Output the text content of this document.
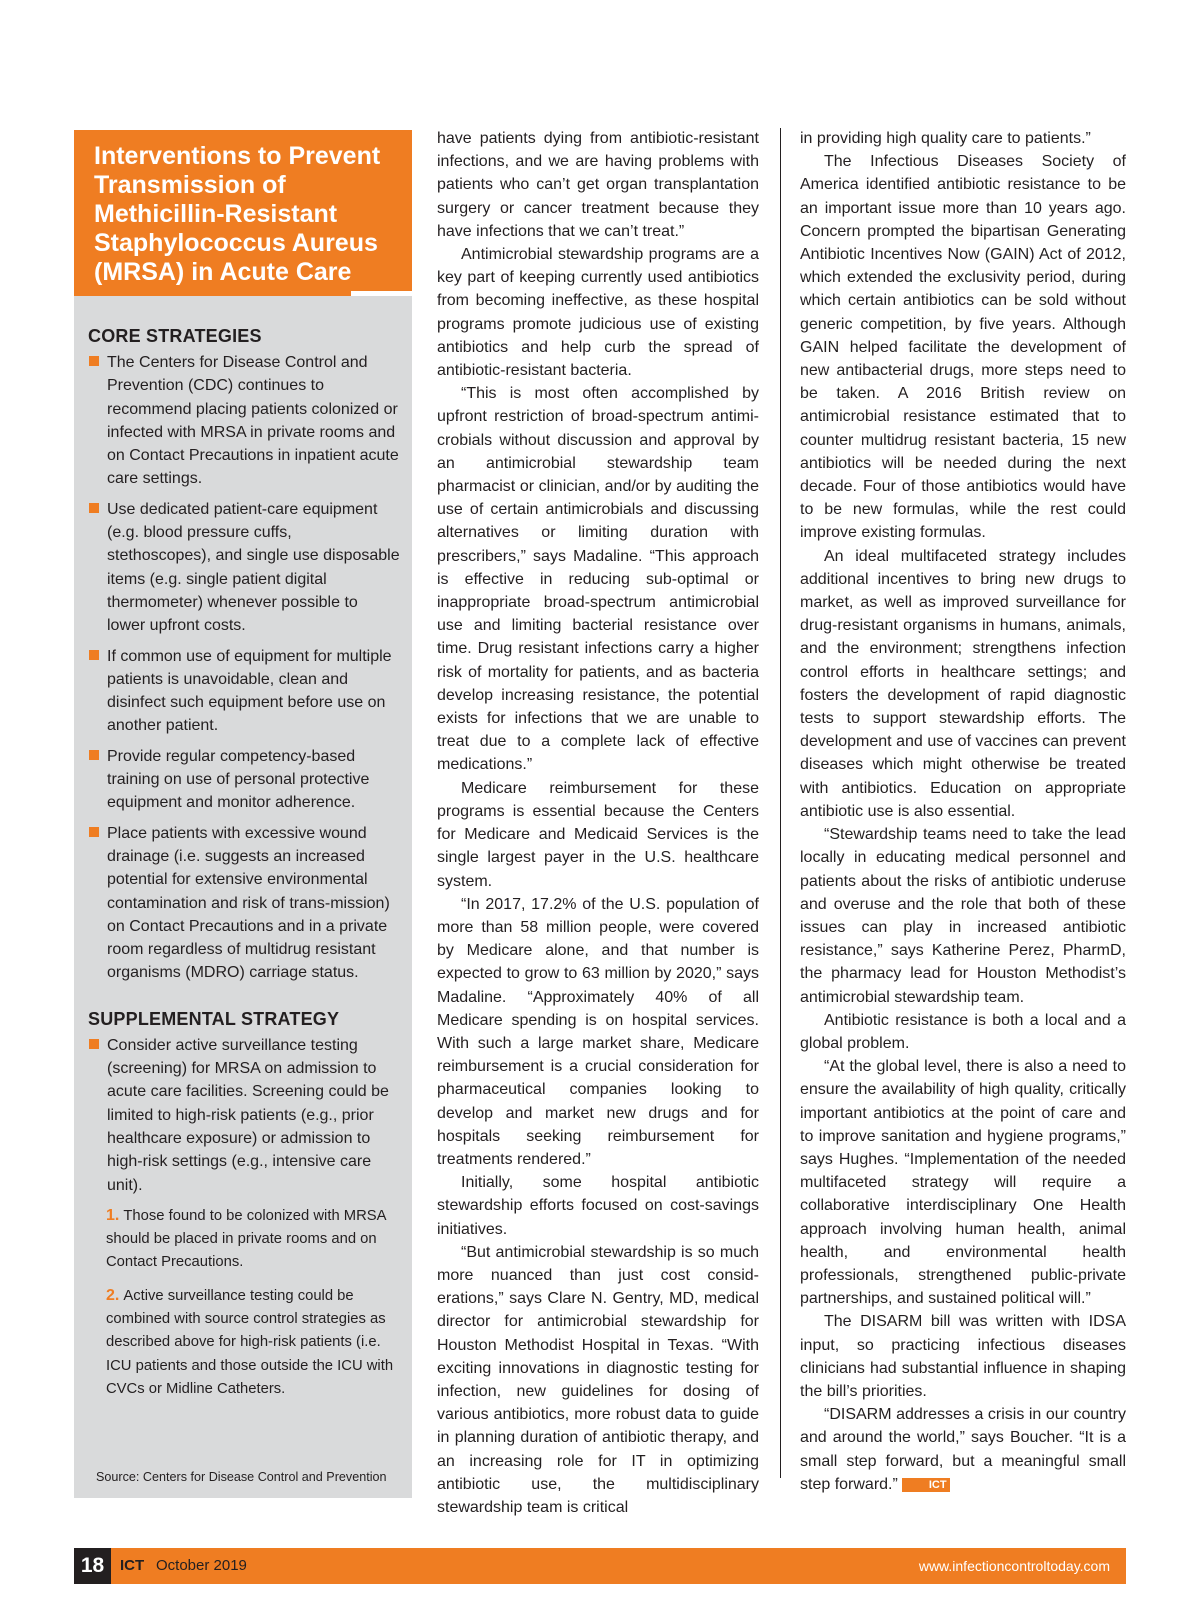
Interventions to Prevent Transmission of Methicillin-Resistant Staphylococcus Aureus (MRSA) in Acute Care
CORE STRATEGIES
The Centers for Disease Control and Prevention (CDC) continues to recommend placing patients colonized or infected with MRSA in private rooms and on Contact Precautions in inpatient acute care settings.
Use dedicated patient-care equipment (e.g. blood pressure cuffs, stethoscopes), and single use disposable items (e.g. single patient digital thermometer) whenever possible to lower upfront costs.
If common use of equipment for multiple patients is unavoidable, clean and disinfect such equipment before use on another patient.
Provide regular competency-based training on use of personal protective equipment and monitor adherence.
Place patients with excessive wound drainage (i.e. suggests an increased potential for extensive environmental contamination and risk of trans-mission) on Contact Precautions and in a private room regardless of multidrug resistant organisms (MDRO) carriage status.
SUPPLEMENTAL STRATEGY
Consider active surveillance testing (screening) for MRSA on admission to acute care facilities. Screening could be limited to high-risk patients (e.g., prior healthcare exposure) or admission to high-risk settings (e.g., intensive care unit).
1. Those found to be colonized with MRSA should be placed in private rooms and on Contact Precautions.
2. Active surveillance testing could be combined with source control strategies as described above for high-risk patients (i.e. ICU patients and those outside the ICU with CVCs or Midline Catheters.
Source: Centers for Disease Control and Prevention

have patients dying from antibiotic-resistant infections, and we are having problems with patients who can’t get organ transplantation surgery or cancer treatment because they have infections that we can’t treat.”

Antimicrobial stewardship programs are a key part of keeping currently used antibiotics from becoming ineffective, as these hospital programs promote judicious use of existing antibiotics and help curb the spread of antibiotic-resistant bacteria.

“This is most often accomplished by upfront restriction of broad-spectrum antimi-crobials without discussion and approval by an antimicrobial stewardship team pharmacist or clinician, and/or by auditing the use of certain antimicrobials and discussing alternatives or limiting duration with prescribers,” says Madaline. “This approach is effective in reducing sub-optimal or inappropriate broad-spectrum antimicrobial use and limiting bacterial resistance over time. Drug resistant infections carry a higher risk of mortality for patients, and as bacteria develop increasing resistance, the potential exists for infections that we are unable to treat due to a complete lack of effective medications.”

Medicare reimbursement for these programs is essential because the Centers for Medicare and Medicaid Services is the single largest payer in the U.S. healthcare system.

“In 2017, 17.2% of the U.S. population of more than 58 million people, were covered by Medicare alone, and that number is expected to grow to 63 million by 2020,” says Madaline. “Approximately 40% of all Medicare spending is on hospital services. With such a large market share, Medicare reimbursement is a crucial consideration for pharmaceutical companies looking to develop and market new drugs and for hospitals seeking reimbursement for treatments rendered.”

Initially, some hospital antibiotic stewardship efforts focused on cost-savings initiatives.

“But antimicrobial stewardship is so much more nuanced than just cost consid-erations,” says Clare N. Gentry, MD, medical director for antimicrobial stewardship for Houston Methodist Hospital in Texas. “With exciting innovations in diagnostic testing for infection, new guidelines for dosing of various antibiotics, more robust data to guide in planning duration of antibiotic therapy, and an increasing role for IT in optimizing antibiotic use, the multidisciplinary stewardship team is critical

in providing high quality care to patients.”

The Infectious Diseases Society of America identified antibiotic resistance to be an important issue more than 10 years ago. Concern prompted the bipartisan Generating Antibiotic Incentives Now (GAIN) Act of 2012, which extended the exclusivity period, during which certain antibiotics can be sold without generic competition, by five years. Although GAIN helped facilitate the development of new antibacterial drugs, more steps need to be taken. A 2016 British review on antimicrobial resistance estimated that to counter multidrug resistant bacteria, 15 new antibiotics will be needed during the next decade. Four of those antibiotics would have to be new formulas, while the rest could improve existing formulas.

An ideal multifaceted strategy includes additional incentives to bring new drugs to market, as well as improved surveillance for drug-resistant organisms in humans, animals, and the environment; strengthens infection control efforts in healthcare settings; and fosters the development of rapid diagnostic tests to support stewardship efforts. The development and use of vaccines can prevent diseases which might otherwise be treated with antibiotics. Education on appropriate antibiotic use is also essential.

“Stewardship teams need to take the lead locally in educating medical personnel and patients about the risks of antibiotic underuse and overuse and the role that both of these issues can play in increased antibiotic resistance,” says Katherine Perez, PharmD, the pharmacy lead for Houston Methodist’s antimicrobial stewardship team.

Antibiotic resistance is both a local and a global problem.

“At the global level, there is also a need to ensure the availability of high quality, critically important antibiotics at the point of care and to improve sanitation and hygiene programs,” says Hughes. “Implementation of the needed multifaceted strategy will require a collaborative interdisciplinary One Health approach involving human health, animal health, and environmental health professionals, strengthened public-private partnerships, and sustained political will.”

The DISARM bill was written with IDSA input, so practicing infectious diseases clinicians had substantial influence in shaping the bill’s priorities.

“DISARM addresses a crisis in our country and around the world,” says Boucher. “It is a small step forward, but a meaningful small step forward.”	ICT

18	ICT October 2019	www.infectioncontroltoday.com
